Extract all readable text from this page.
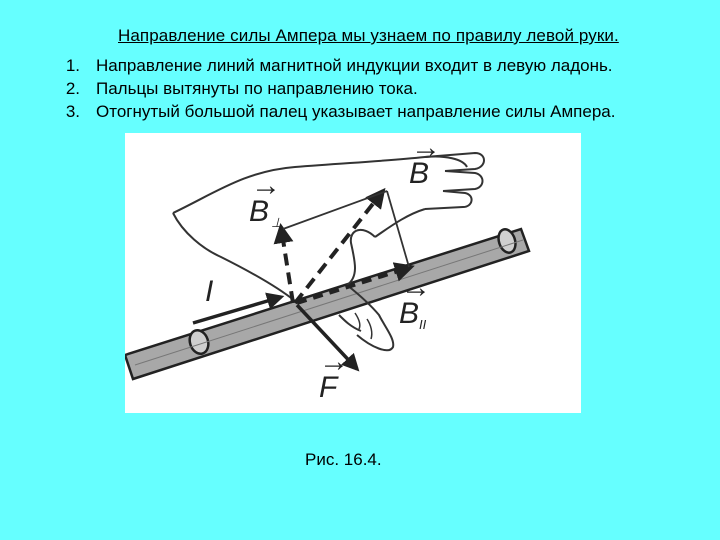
Направление силы Ампера мы узнаем по правилу левой руки.
1. Направление линий магнитной индукции входит в левую ладонь.
2. Пальцы вытянуты по направлению тока.
3. Отогнутый большой палец указывает направление силы Ампера.
B
→
B
→
⊥
B
→
II
I
F
→
Рис. 16.4.
